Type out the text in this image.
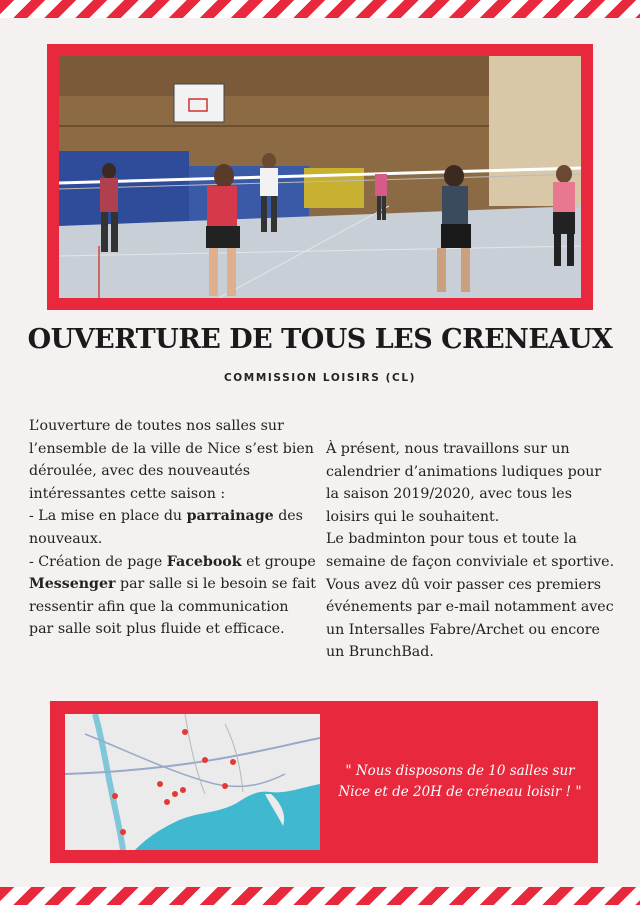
OUVERTURE DE TOUS LES CRENEAUX
COMMISSION LOISIRS (CL)

L’ouverture de toutes nos salles sur l’ensemble de la ville de Nice s’est bien déroulée, avec des nouveautés intéressantes cette saison :

- La mise en place du parrainage des nouveaux.

- Création de page Facebook et groupe Messenger par salle si le besoin se fait ressentir afin que la communication par salle soit plus fluide et efficace.

À présent, nous travaillons sur un calendrier d’animations ludiques pour la saison 2019/2020, avec tous les loisirs qui le souhaitent.

Le badminton pour tous et toute la semaine de façon conviviale et sportive.

Vous avez dû voir passer ces premiers événements par e-mail notamment avec un Intersalles Fabre/Archet ou encore un BrunchBad.

" Nous disposons de 10 salles sur Nice et de 20H de créneau loisir ! "
